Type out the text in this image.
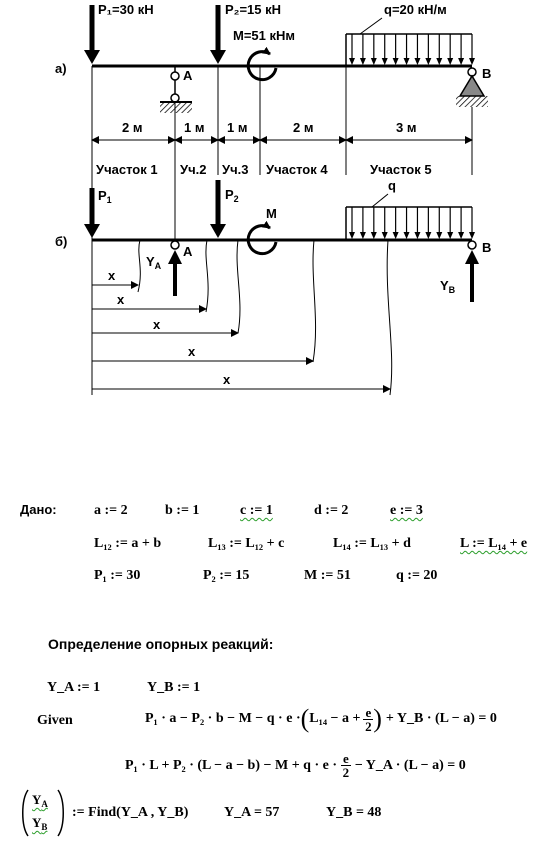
а)
P₁=30 кН	P₂=15 кН
M=51 кНм
q=20 кН/м
A	B
2 м	1 м 1 м	2 м	3 м
Участок 1 Уч.2 Уч.3 Участок 4	Участок 5
б)
$P_1$	$P_2$
M
q
$Y_A$
A
$Y_B$
B
x
x
x
x
x
Дано:	a := 2	b := 1	c := 1	d := 2	e := 3
L₁₂ := a + b	L₁₃ := L₁₂ + c	L₁₄ := L₁₃ + d	L := L₁₄ + e
P₁ := 30	P₂ := 15	M := 51	q := 20
Определение опорных реакций:
Y_A := 1	Y_B := 1
Given	P₁ · a − P₂ · b − M − q · e · ( $L_{14} - a + \frac{e}{2}$ ) + Y_B · (L − a) = 0
$P_1 \cdot L + P_2 \cdot (L - a - b) - M + q \cdot e \cdot \frac{e}{2}$ − Y_A · (L − a) = 0
$Y_A$
$Y_B$
:= Find(Y_A , Y_B)	Y_A = 57	Y_B = 48
